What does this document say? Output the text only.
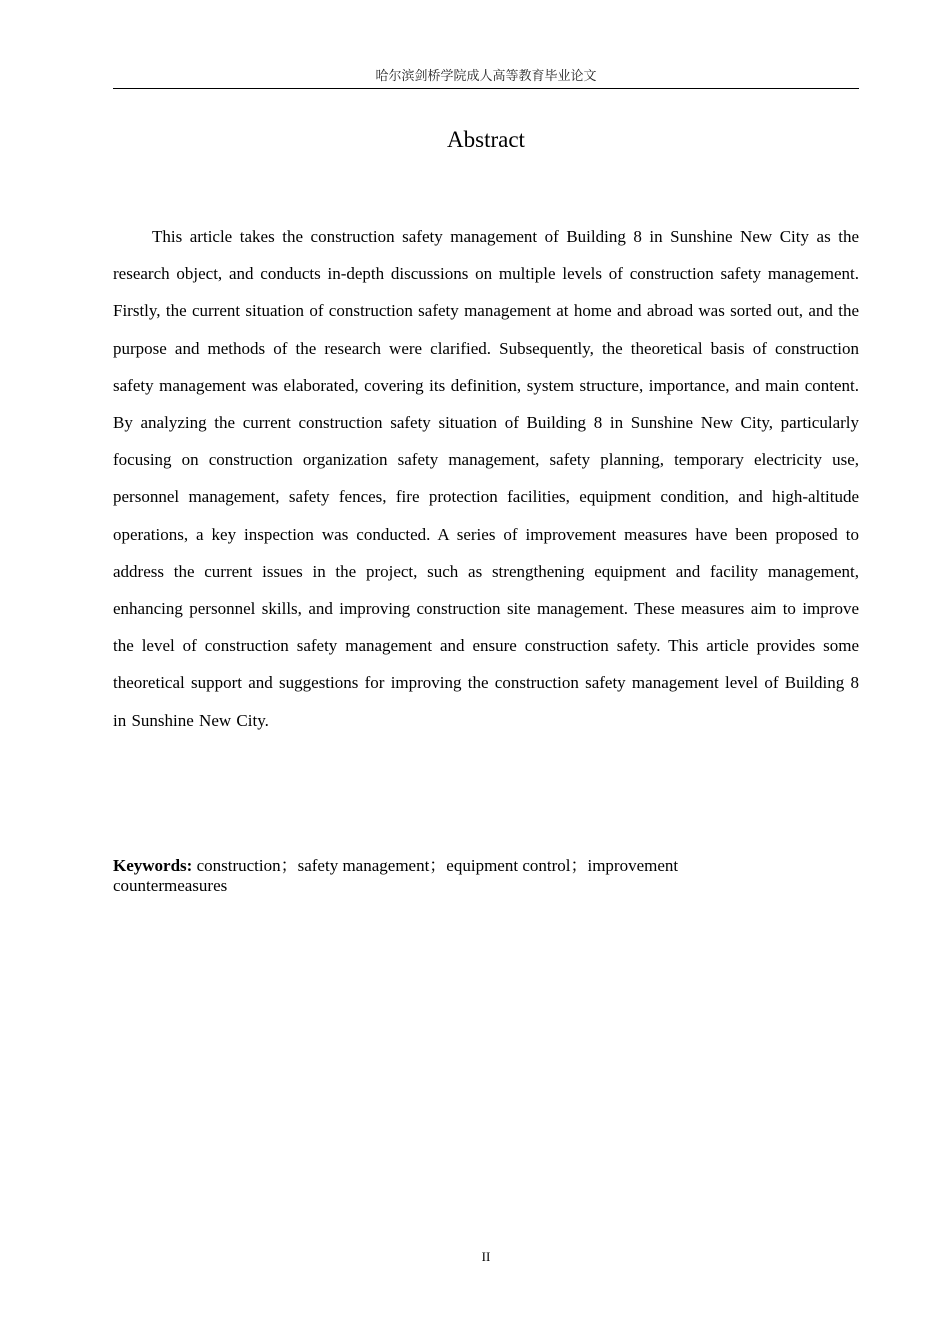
哈尔滨剑桥学院成人高等教育毕业论文
Abstract

This article takes the construction safety management of Building 8 in Sunshine New City as the research object, and conducts in-depth discussions on multiple levels of construction safety management. Firstly, the current situation of construction safety management at home and abroad was sorted out, and the purpose and methods of the research were clarified. Subsequently, the theoretical basis of construction safety management was elaborated, covering its definition, system structure, importance, and main content. By analyzing the current construction safety situation of Building 8 in Sunshine New City, particularly focusing on construction organization safety management, safety planning, temporary electricity use, personnel management, safety fences, fire protection facilities, equipment condition, and high-altitude operations, a key inspection was conducted. A series of improvement measures have been proposed to address the current issues in the project, such as strengthening equipment and facility management, enhancing personnel skills, and improving construction site management. These measures aim to improve the level of construction safety management and ensure construction safety. This article provides some theoretical support and suggestions for improving the construction safety management level of Building 8 in Sunshine New City.

Keywords: construction；safety management；equipment control；improvement countermeasures

II
